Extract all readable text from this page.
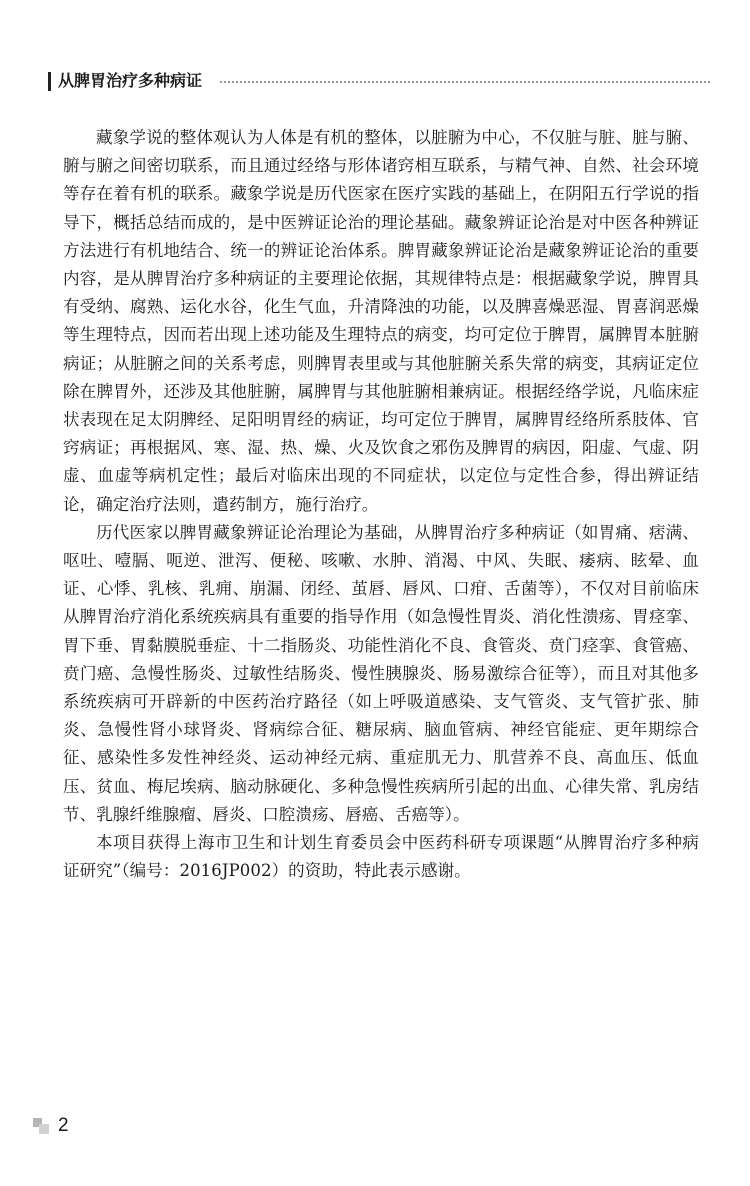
从脾胃治疗多种病证

藏象学说的整体观认为人体是有机的整体，以脏腑为中心，不仅脏与脏、脏与腑、腑与腑之间密切联系，而且通过经络与形体诸窍相互联系，与精气神、自然、社会环境等存在着有机的联系。藏象学说是历代医家在医疗实践的基础上，在阴阳五行学说的指导下，概括总结而成的，是中医辨证论治的理论基础。藏象辨证论治是对中医各种辨证方法进行有机地结合、统一的辨证论治体系。脾胃藏象辨证论治是藏象辨证论治的重要内容，是从脾胃治疗多种病证的主要理论依据，其规律特点是：根据藏象学说，脾胃具有受纳、腐熟、运化水谷，化生气血，升清降浊的功能，以及脾喜燥恶湿、胃喜润恶燥等生理特点，因而若出现上述功能及生理特点的病变，均可定位于脾胃，属脾胃本脏腑病证；从脏腑之间的关系考虑，则脾胃表里或与其他脏腑关系失常的病变，其病证定位除在脾胃外，还涉及其他脏腑，属脾胃与其他脏腑相兼病证。根据经络学说，凡临床症状表现在足太阴脾经、足阳明胃经的病证，均可定位于脾胃，属脾胃经络所系肢体、官窍病证；再根据风、寒、湿、热、燥、火及饮食之邪伤及脾胃的病因，阳虚、气虚、阴虚、血虚等病机定性；最后对临床出现的不同症状，以定位与定性合参，得出辨证结论，确定治疗法则，遣药制方，施行治疗。

历代医家以脾胃藏象辨证论治理论为基础，从脾胃治疗多种病证（如胃痛、痞满、呕吐、噎膈、呃逆、泄泻、便秘、咳嗽、水肿、消渴、中风、失眠、痿病、眩晕、血证、心悸、乳核、乳痈、崩漏、闭经、茧唇、唇风、口疳、舌菌等），不仅对目前临床从脾胃治疗消化系统疾病具有重要的指导作用（如急慢性胃炎、消化性溃疡、胃痉挛、胃下垂、胃黏膜脱垂症、十二指肠炎、功能性消化不良、食管炎、贲门痉挛、食管癌、贲门癌、急慢性肠炎、过敏性结肠炎、慢性胰腺炎、肠易激综合征等），而且对其他多系统疾病可开辟新的中医药治疗路径（如上呼吸道感染、支气管炎、支气管扩张、肺炎、急慢性肾小球肾炎、肾病综合征、糖尿病、脑血管病、神经官能症、更年期综合征、感染性多发性神经炎、运动神经元病、重症肌无力、肌营养不良、高血压、低血压、贫血、梅尼埃病、脑动脉硬化、多种急慢性疾病所引起的出血、心律失常、乳房结节、乳腺纤维腺瘤、唇炎、口腔溃疡、唇癌、舌癌等）。

本项目获得上海市卫生和计划生育委员会中医药科研专项课题“从脾胃治疗多种病证研究”（编号：2016JP002）的资助，特此表示感谢。

2
